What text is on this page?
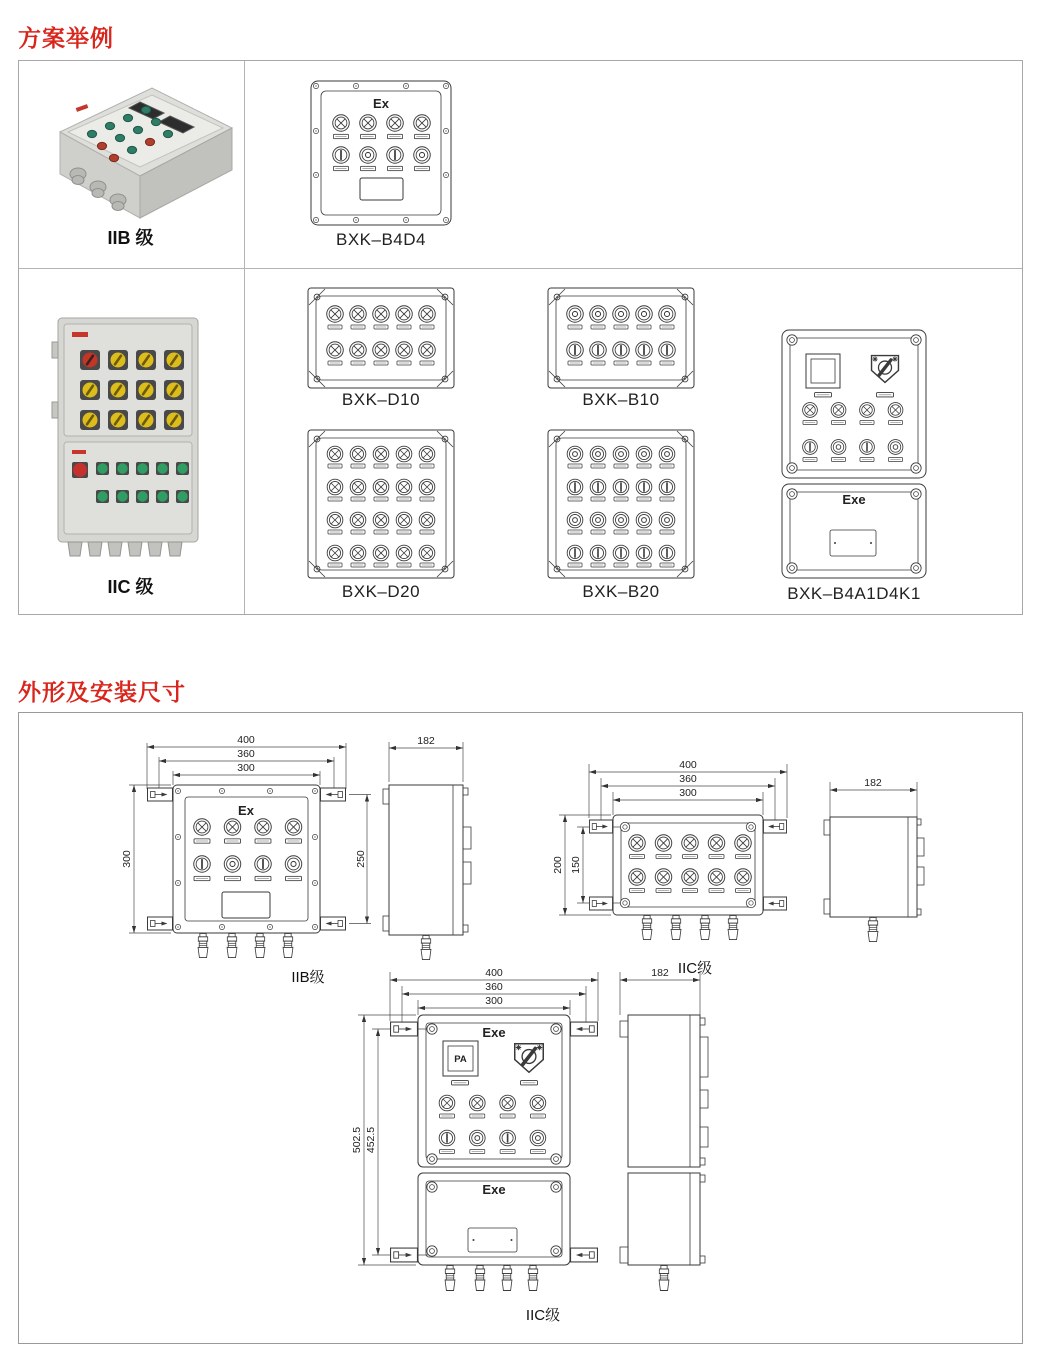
方案举例
IIB 级
Ex
BXK–B4D4
IIC 级
BXK–D10	BXK–B10
BXK–D20	BXK–B20
Exe
BXK–B4A1D4K1
外形及安装尺寸
400
360
300
300	250
Ex
IIB级
182
400
360
300
200 150
IIC级
182
400
360
300
502.5 452.5
Exe
PA
Exe
IIC级
182
